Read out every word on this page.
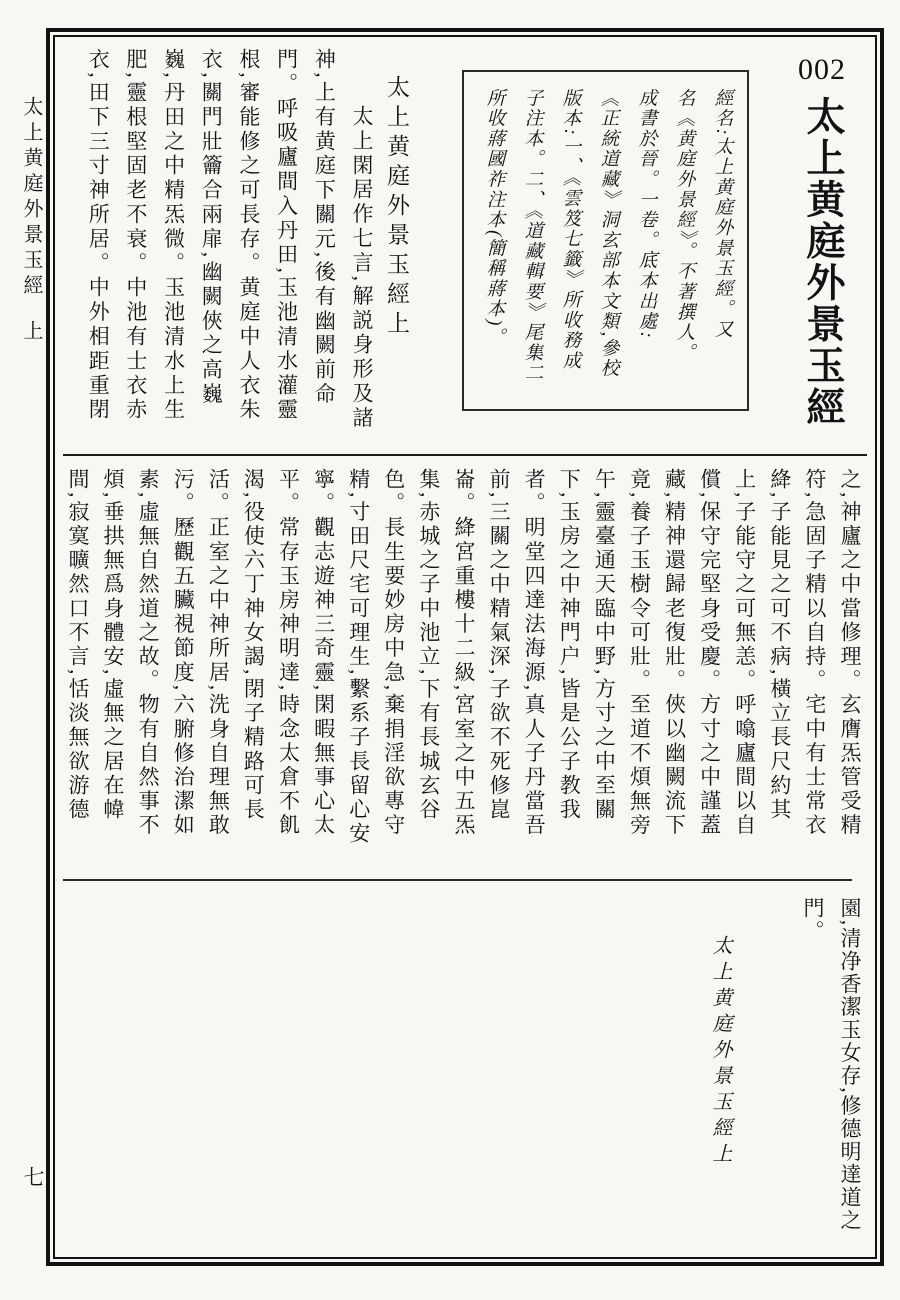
太上黄庭外景玉經
上
七
002
太上黄庭外景玉經
經名:太上黄庭外景玉經。又
名《黄庭外景經》。不著撰人。
成書於晉。一卷。底本出處:
《正統道藏》洞玄部本文類,參校
版本:一、《雲笈七籤》所收務成
子注本。二、《道藏輯要》尾集二
所收蔣國祚注本(簡稱蔣本)。
太上黄庭外景玉經上
太上閑居作七言,解説身形及諸
神,上有黄庭下關元,後有幽闕前命
門。呼吸廬間入丹田,玉池清水灌靈
根,審能修之可長存。黄庭中人衣朱
衣,關門壯籥合兩扉,幽闕俠之高巍
巍,丹田之中精炁微。玉池清水上生
肥,靈根堅固老不衰。中池有士衣赤
衣,田下三寸神所居。中外相距重閉
之,神廬之中當修理。玄膺炁管受精
符,急固子精以自持。宅中有士常衣
絳,子能見之可不病,橫立長尺約其
上,子能守之可無恙。呼噏廬間以自
償,保守完堅身受慶。方寸之中謹蓋
藏,精神還歸老復壯。俠以幽闕流下
竟,養子玉樹令可壯。至道不煩無旁
午,靈臺通天臨中野,方寸之中至關
下,玉房之中神門户,皆是公子教我
者。明堂四達法海源,真人子丹當吾
前,三關之中精氣深,子欲不死修崑
崙。絳宮重樓十二級,宮室之中五炁
集,赤城之子中池立,下有長城玄谷
色。長生要妙房中急,棄捐淫欲專守
精,寸田尺宅可理生,繫系子長留心安
寧。觀志遊神三奇靈,閑暇無事心太
平。常存玉房神明達,時念太倉不飢
渴,役使六丁神女謁,閉子精路可長
活。正室之中神所居,洗身自理無敢
污。歷觀五臟視節度,六腑修治潔如
素,虛無自然道之故。物有自然事不
煩,垂拱無爲身體安,虛無之居在幃
間,寂寞曠然口不言,恬淡無欲游德
園,清净香潔玉女存,修德明達道之
門。
太上黄庭外景玉經上
